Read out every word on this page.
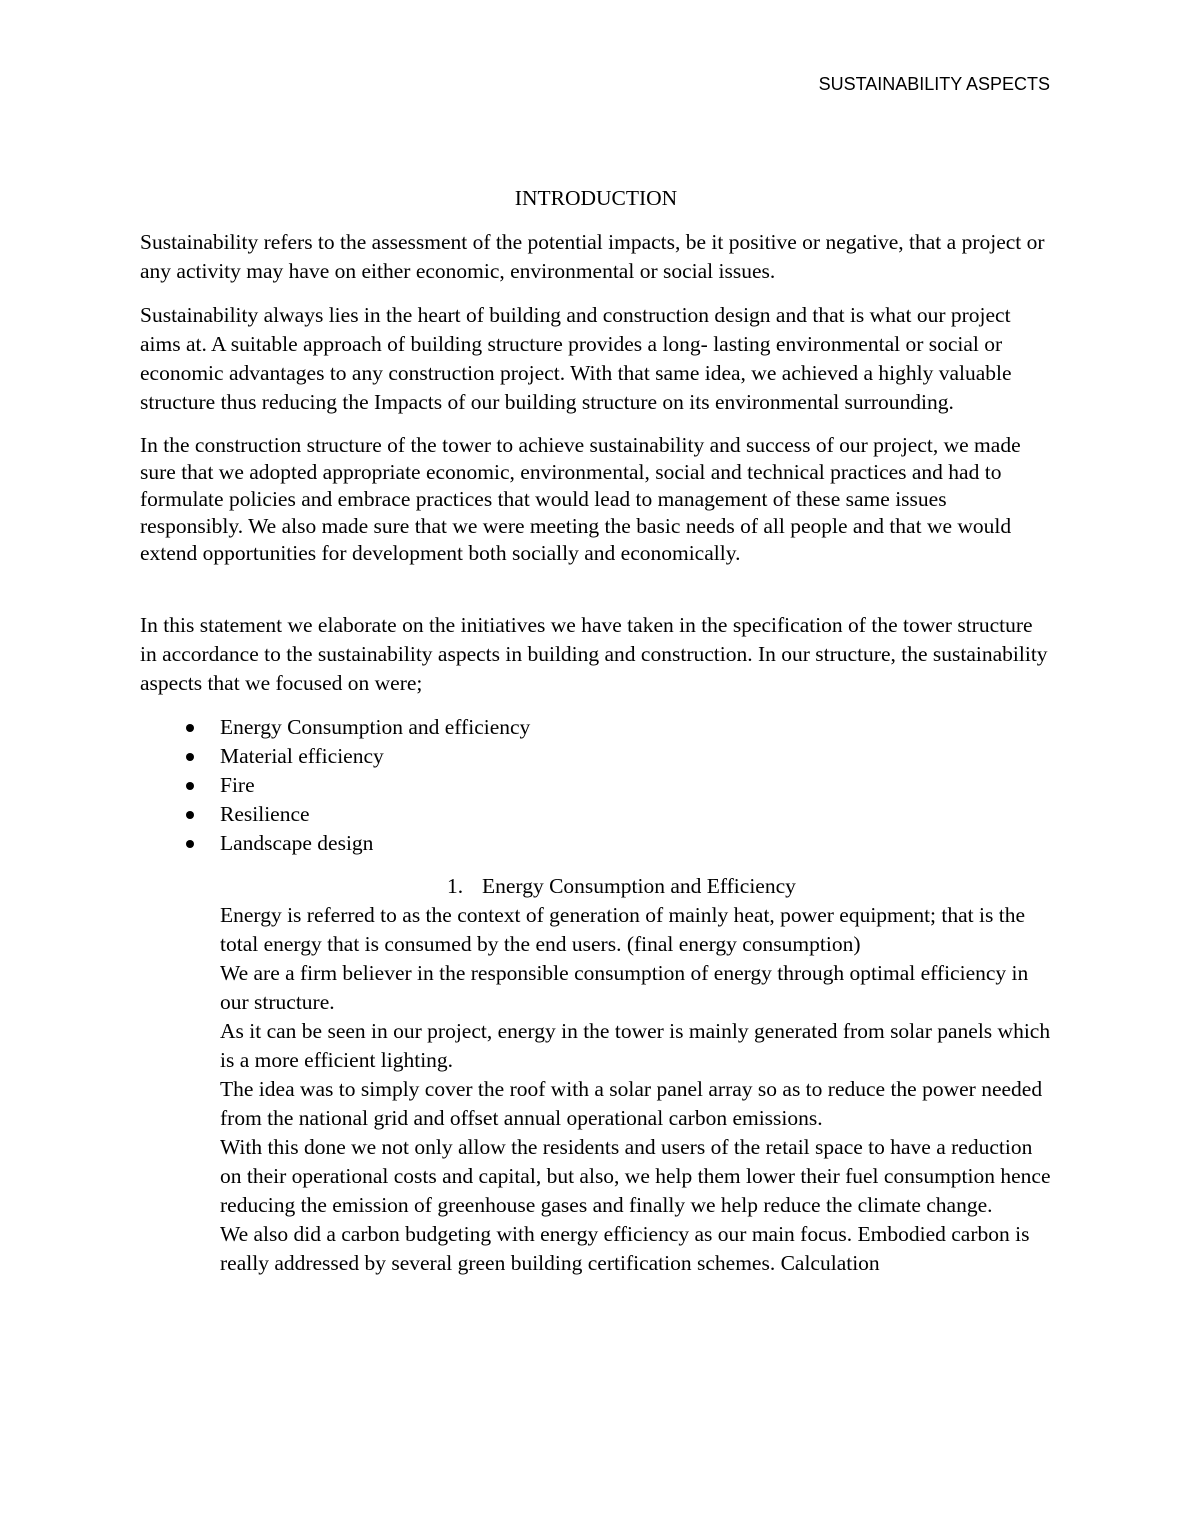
SUSTAINABILITY ASPECTS
INTRODUCTION

Sustainability refers to the assessment of the potential impacts, be it positive or negative, that a project or any activity may have on either economic, environmental or social issues.

Sustainability always lies in the heart of building and construction design and that is what our project aims at. A suitable approach of building structure provides a long- lasting environmental or social or economic advantages to any construction project. With that same idea, we achieved a highly valuable structure thus reducing the Impacts of our building structure on its environmental surrounding.

In the construction structure of the tower to achieve sustainability and success of our project, we made sure that we adopted appropriate economic, environmental, social and technical practices and had to formulate policies and embrace practices that would lead to management of these same issues responsibly. We also made sure that we were meeting the basic needs of all people and that we would extend opportunities for development both socially and economically.

In this statement we elaborate on the initiatives we have taken in the specification of the tower structure in accordance to the sustainability aspects in building and construction. In our structure, the sustainability aspects that we focused on were;

Energy Consumption and efficiency
Material efficiency
Fire
Resilience
Landscape design
1. Energy Consumption and Efficiency

Energy is referred to as the context of generation of mainly heat, power equipment; that is the total energy that is consumed by the end users. (final energy consumption)

We are a firm believer in the responsible consumption of energy through optimal efficiency in our structure.

As it can be seen in our project, energy in the tower is mainly generated from solar panels which is a more efficient lighting.

The idea was to simply cover the roof with a solar panel array so as to reduce the power needed from the national grid and offset annual operational carbon emissions.

With this done we not only allow the residents and users of the retail space to have a reduction on their operational costs and capital, but also, we help them lower their fuel consumption hence reducing the emission of greenhouse gases and finally we help reduce the climate change.

We also did a carbon budgeting with energy efficiency as our main focus. Embodied carbon is really addressed by several green building certification schemes. Calculation
